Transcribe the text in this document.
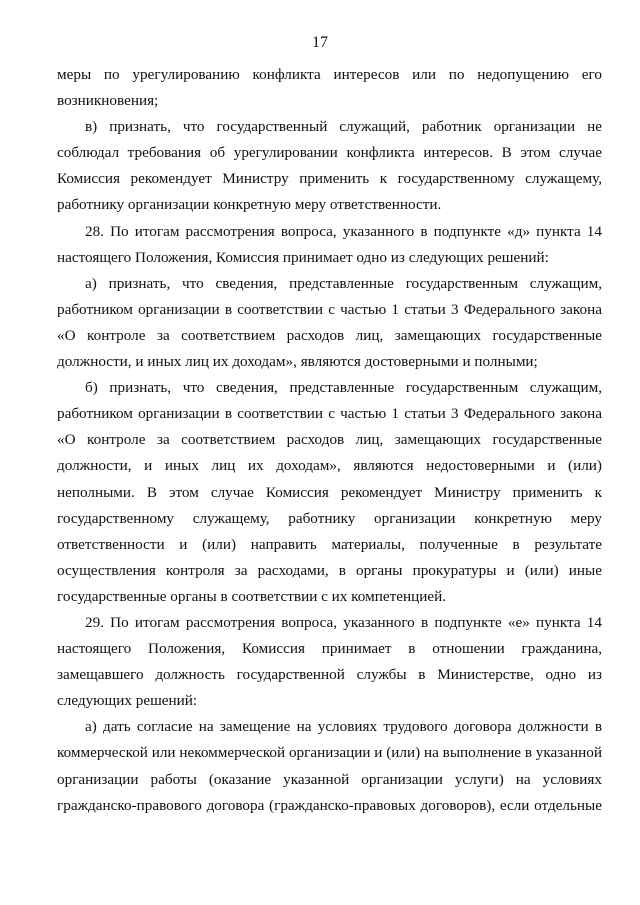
17

меры по урегулированию конфликта интересов или по недопущению его возникновения;

в) признать, что государственный служащий, работник организации не соблюдал требования об урегулировании конфликта интересов. В этом случае Комиссия рекомендует Министру применить к государственному служащему, работнику организации конкретную меру ответственности.

28. По итогам рассмотрения вопроса, указанного в подпункте «д» пункта 14 настоящего Положения, Комиссия принимает одно из следующих решений:

а) признать, что сведения, представленные государственным служащим, работником организации в соответствии с частью 1 статьи 3 Федерального закона «О контроле за соответствием расходов лиц, замещающих государственные должности, и иных лиц их доходам», являются достоверными и полными;

б) признать, что сведения, представленные государственным служащим, работником организации в соответствии с частью 1 статьи 3 Федерального закона «О контроле за соответствием расходов лиц, замещающих государственные должности, и иных лиц их доходам», являются недостоверными и (или) неполными. В этом случае Комиссия рекомендует Министру применить к государственному служащему, работнику организации конкретную меру ответственности и (или) направить материалы, полученные в результате осуществления контроля за расходами, в органы прокуратуры и (или) иные государственные органы в соответствии с их компетенцией.

29. По итогам рассмотрения вопроса, указанного в подпункте «е» пункта 14 настоящего Положения, Комиссия принимает в отношении гражданина, замещавшего должность государственной службы в Министерстве, одно из следующих решений:

а) дать согласие на замещение на условиях трудового договора должности в коммерческой или некоммерческой организации и (или) на выполнение в указанной организации работы (оказание указанной организации услуги) на условиях гражданско-правового договора (гражданско-правовых договоров), если отдельные
